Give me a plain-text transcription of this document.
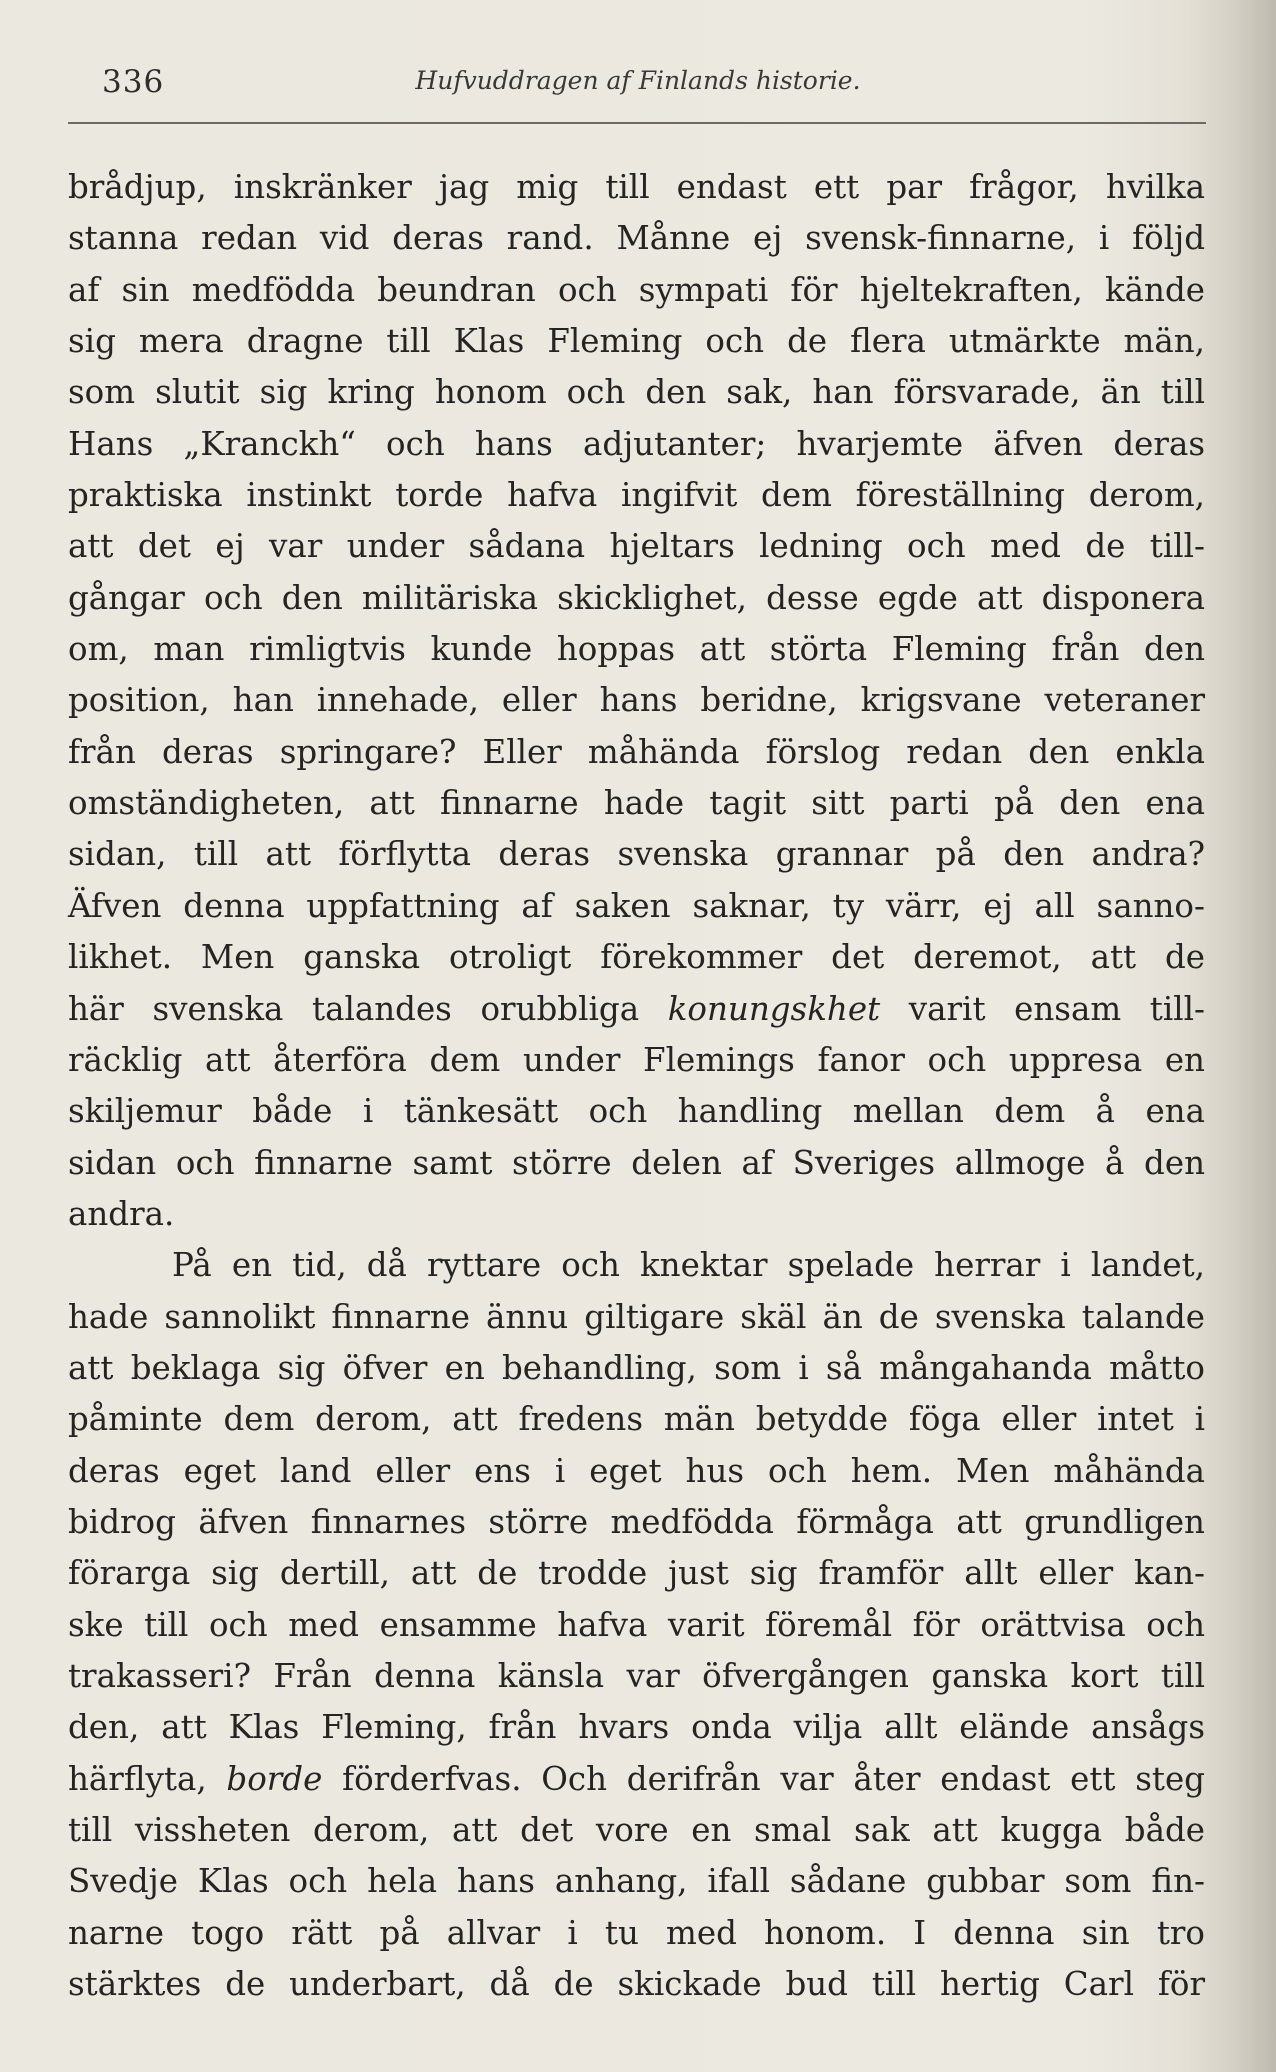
336	Hufvuddragen af Finlands historie.
brådjup, inskränker jag mig till endast ett par frågor, hvilka
stanna redan vid deras rand. Månne ej svensk-finnarne, i följd
af sin medfödda beundran och sympati för hjeltekraften, kände
sig mera dragne till Klas Fleming och de flera utmärkte män,
som slutit sig kring honom och den sak, han försvarade, än till
Hans „Kranckh“ och hans adjutanter; hvarjemte äfven deras
praktiska instinkt torde hafva ingifvit dem föreställning derom,
att det ej var under sådana hjeltars ledning och med de till-
gångar och den militäriska skicklighet, desse egde att disponera
om, man rimligtvis kunde hoppas att störta Fleming från den
position, han innehade, eller hans beridne, krigsvane veteraner
från deras springare? Eller måhända förslog redan den enkla
omständigheten, att finnarne hade tagit sitt parti på den ena
sidan, till att förflytta deras svenska grannar på den andra?
Äfven denna uppfattning af saken saknar, ty värr, ej all sanno-
likhet. Men ganska otroligt förekommer det deremot, att de
här svenska talandes orubbliga konungskhet varit ensam till-
räcklig att återföra dem under Flemings fanor och uppresa en
skiljemur både i tänkesätt och handling mellan dem å ena
sidan och finnarne samt större delen af Sveriges allmoge å den
andra.
På en tid, då ryttare och knektar spelade herrar i landet,
hade sannolikt finnarne ännu giltigare skäl än de svenska talande
att beklaga sig öfver en behandling, som i så mångahanda måtto
påminte dem derom, att fredens män betydde föga eller intet i
deras eget land eller ens i eget hus och hem. Men måhända
bidrog äfven finnarnes större medfödda förmåga att grundligen
förarga sig dertill, att de trodde just sig framför allt eller kan-
ske till och med ensamme hafva varit föremål för orättvisa och
trakasseri? Från denna känsla var öfvergången ganska kort till
den, att Klas Fleming, från hvars onda vilja allt elände ansågs
härflyta, borde förderfvas. Och derifrån var åter endast ett steg
till vissheten derom, att det vore en smal sak att kugga både
Svedje Klas och hela hans anhang, ifall sådane gubbar som fin-
narne togo rätt på allvar i tu med honom. I denna sin tro
stärktes de underbart, då de skickade bud till hertig Carl för
